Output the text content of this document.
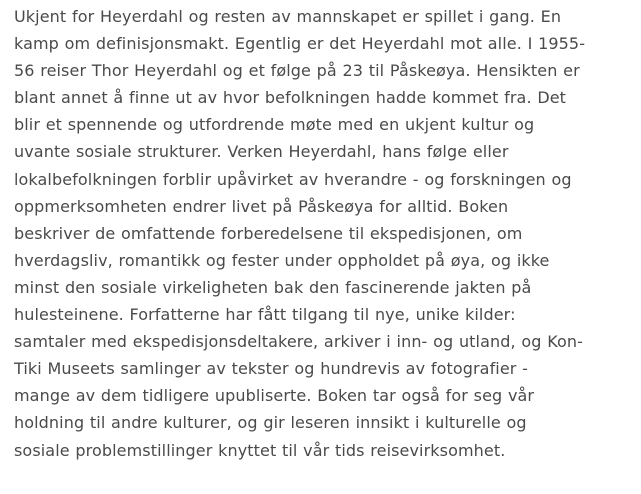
Ukjent for Heyerdahl og resten av mannskapet er spillet i gang. En
kamp om definisjonsmakt. Egentlig er det Heyerdahl mot alle. I 1955-
56 reiser Thor Heyerdahl og et følge på 23 til Påskeøya. Hensikten er
blant annet å finne ut av hvor befolkningen hadde kommet fra. Det
blir et spennende og utfordrende møte med en ukjent kultur og
uvante sosiale strukturer. Verken Heyerdahl, hans følge eller
lokalbefolkningen forblir upåvirket av hverandre - og forskningen og
oppmerksomheten endrer livet på Påskeøya for alltid. Boken
beskriver de omfattende forberedelsene til ekspedisjonen, om
hverdagsliv, romantikk og fester under oppholdet på øya, og ikke
minst den sosiale virkeligheten bak den fascinerende jakten på
hulesteinene. Forfatterne har fått tilgang til nye, unike kilder:
samtaler med ekspedisjonsdeltakere, arkiver i inn- og utland, og Kon-
Tiki Museets samlinger av tekster og hundrevis av fotografier -
mange av dem tidligere upubliserte. Boken tar også for seg vår
holdning til andre kulturer, og gir leseren innsikt i kulturelle og
sosiale problemstillinger knyttet til vår tids reisevirksomhet.
